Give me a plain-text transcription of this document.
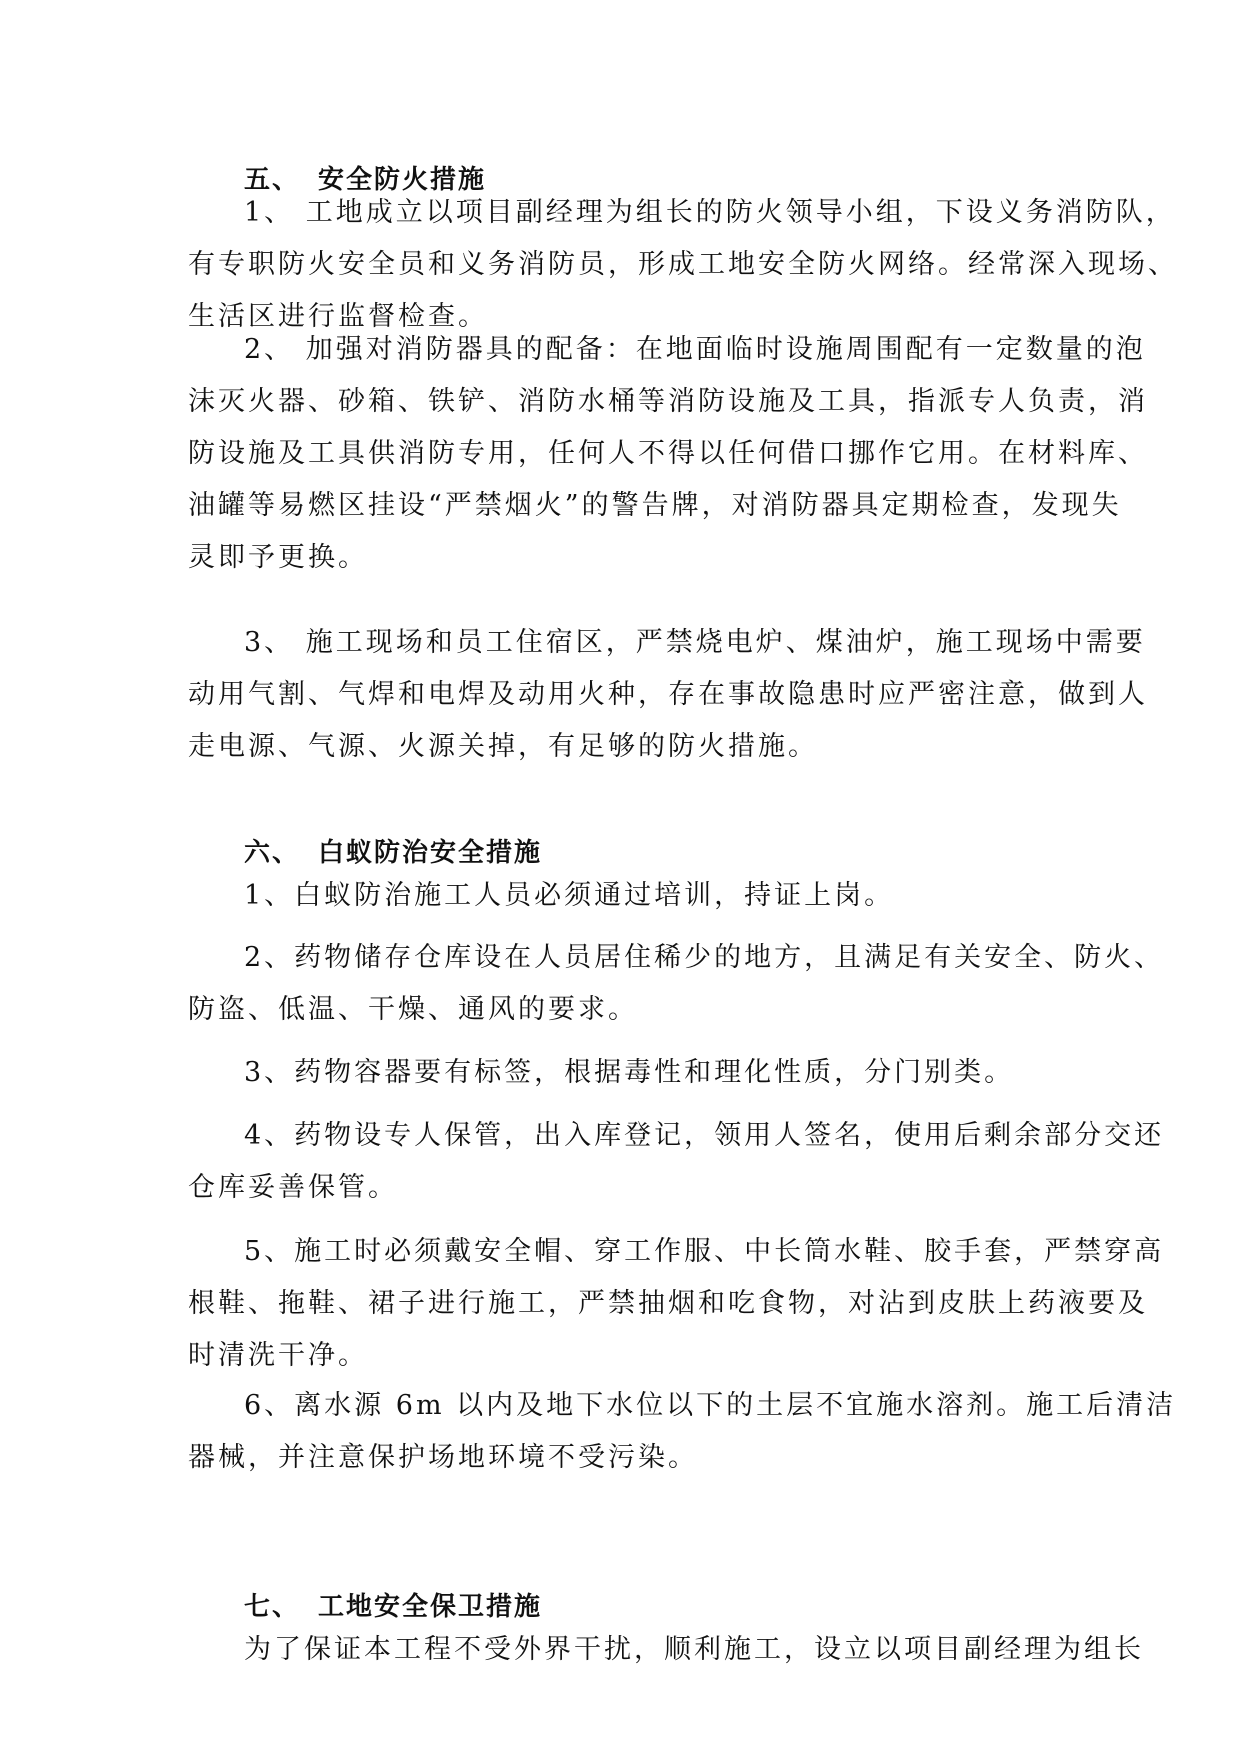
五、 安全防火措施
1、 工地成立以项目副经理为组长的防火领导小组，下设义务消防队，
有专职防火安全员和义务消防员，形成工地安全防火网络。经常深入现场、
生活区进行监督检查。
2、 加强对消防器具的配备：在地面临时设施周围配有一定数量的泡
沫灭火器、砂箱、铁铲、消防水桶等消防设施及工具，指派专人负责，消
防设施及工具供消防专用，任何人不得以任何借口挪作它用。在材料库、
油罐等易燃区挂设“严禁烟火”的警告牌，对消防器具定期检查，发现失
灵即予更换。
3、 施工现场和员工住宿区，严禁烧电炉、煤油炉，施工现场中需要
动用气割、气焊和电焊及动用火种，存在事故隐患时应严密注意，做到人
走电源、气源、火源关掉，有足够的防火措施。
六、 白蚁防治安全措施
1、白蚁防治施工人员必须通过培训，持证上岗。
2、药物储存仓库设在人员居住稀少的地方，且满足有关安全、防火、
防盗、低温、干燥、通风的要求。
3、药物容器要有标签，根据毒性和理化性质，分门别类。
4、药物设专人保管，出入库登记，领用人签名，使用后剩余部分交还
仓库妥善保管。
5、施工时必须戴安全帽、穿工作服、中长筒水鞋、胶手套，严禁穿高
根鞋、拖鞋、裙子进行施工，严禁抽烟和吃食物，对沾到皮肤上药液要及
时清洗干净。
6、离水源 6m 以内及地下水位以下的土层不宜施水溶剂。施工后清洁
器械，并注意保护场地环境不受污染。
七、 工地安全保卫措施
为了保证本工程不受外界干扰，顺利施工，设立以项目副经理为组长
